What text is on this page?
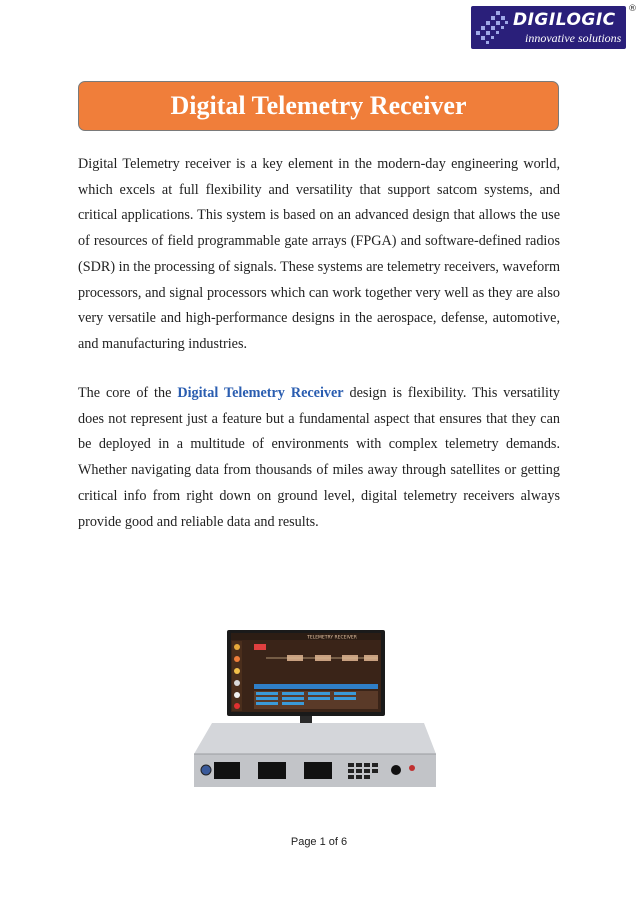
DIGILOGIC
innovative solutions
®
Digital Telemetry Receiver

Digital Telemetry receiver is a key element in the modern-day engineering world, which excels at full flexibility and versatility that support satcom systems, and critical applications. This system is based on an advanced design that allows the use of resources of field programmable gate arrays (FPGA) and software-defined radios (SDR) in the processing of signals. These systems are telemetry receivers, waveform processors, and signal processors which can work together very well as they are also very versatile and high-performance designs in the aerospace, defense, automotive, and manufacturing industries.

The core of the Digital Telemetry Receiver design is flexibility. This versatility does not represent just a feature but a fundamental aspect that ensures that they can be deployed in a multitude of environments with complex telemetry demands. Whether navigating data from thousands of miles away through satellites or getting critical info from right down on ground level, digital telemetry receivers always provide good and reliable data and results.

TELEMETRY RECEIVER
Page 1 of 6
